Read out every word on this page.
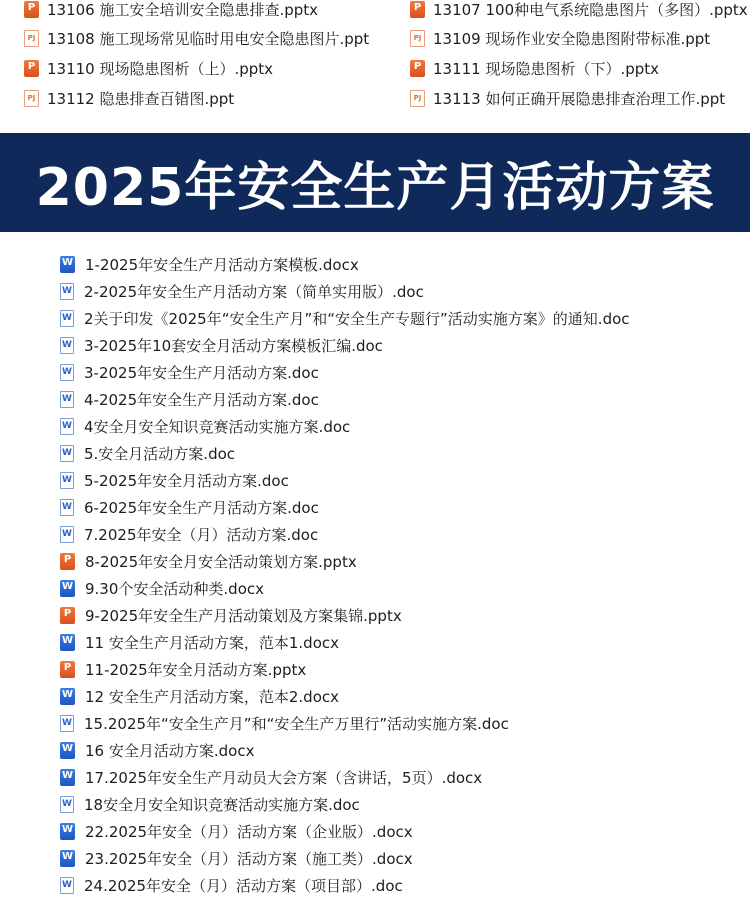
P
13106 施工安全培训安全隐患排查.pptx P	13107 100种电气系统隐患图片（多图）.pptx
PJ
13108 施工现场常见临时用电安全隐患图片.ppt PJ	13109 现场作业安全隐患图附带标准.ppt
P
13110 现场隐患图析（上）.pptx P	13111 现场隐患图析（下）.pptx
PJ
13112 隐患排查百错图.ppt PJ	13113 如何正确开展隐患排查治理工作.ppt
2025年安全生产月活动方案
W
1-2025年安全生产月活动方案模板.docx
W
2-2025年安全生产月活动方案（简单实用版）.doc
W
2关于印发《2025年“安全生产月”和“安全生产专题行”活动实施方案》的通知.doc
W
3-2025年10套安全月活动方案模板汇编.doc
W
3-2025年安全生产月活动方案.doc
W
4-2025年安全生产月活动方案.doc
W
4安全月安全知识竞赛活动实施方案.doc
W
5.安全月活动方案.doc
W
5-2025年安全月活动方案.doc
W
6-2025年安全生产月活动方案.doc
W
7.2025年安全（月）活动方案.doc
P
8-2025年安全月安全活动策划方案.pptx
W
9.30个安全活动种类.docx
P
9-2025年安全生产月活动策划及方案集锦.pptx
W
11 安全生产月活动方案，范本1.docx
P
11-2025年安全月活动方案.pptx
W
12 安全生产月活动方案，范本2.docx
W
15.2025年“安全生产月”和“安全生产万里行”活动实施方案.doc
W
16 安全月活动方案.docx
W
17.2025年安全生产月动员大会方案（含讲话，5页）.docx
W
18安全月安全知识竞赛活动实施方案.doc
W
22.2025年安全（月）活动方案（企业版）.docx
W
23.2025年安全（月）活动方案（施工类）.docx
W
24.2025年安全（月）活动方案（项目部）.doc
